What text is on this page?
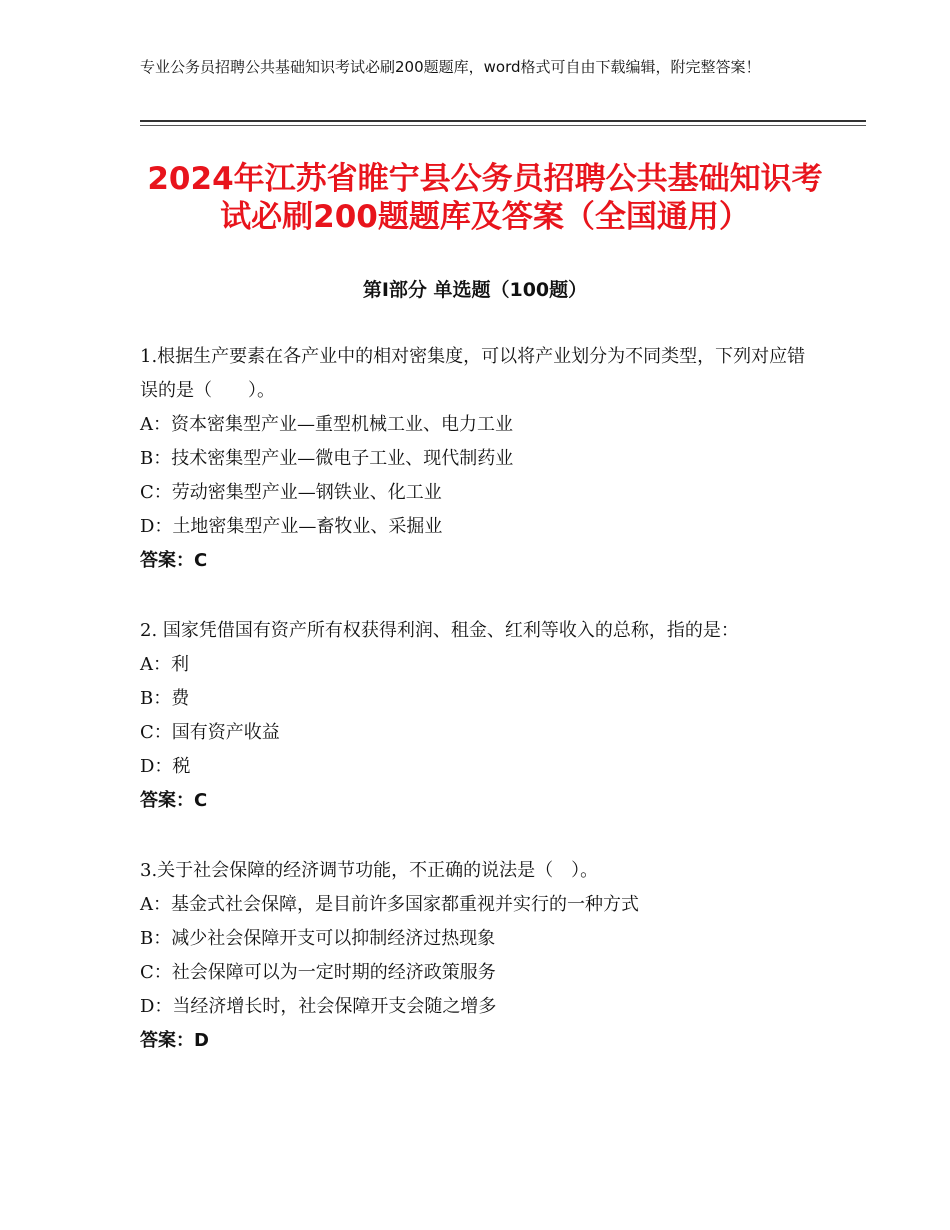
专业公务员招聘公共基础知识考试必刷200题题库，word格式可自由下载编辑，附完整答案！
2024年江苏省睢宁县公务员招聘公共基础知识考试必刷200题题库及答案（全国通用）
第Ⅰ部分 单选题（100题）
1.根据生产要素在各产业中的相对密集度，可以将产业划分为不同类型，下列对应错误的是（　　）。
A：资本密集型产业—重型机械工业、电力工业
B：技术密集型产业—微电子工业、现代制药业
C：劳动密集型产业—钢铁业、化工业
D：土地密集型产业—畜牧业、采掘业
答案：C
2. 国家凭借国有资产所有权获得利润、租金、红利等收入的总称，指的是：
A：利
B：费
C：国有资产收益
D：税
答案：C
3.关于社会保障的经济调节功能，不正确的说法是（　）。
A：基金式社会保障，是目前许多国家都重视并实行的一种方式
B：减少社会保障开支可以抑制经济过热现象
C：社会保障可以为一定时期的经济政策服务
D：当经济增长时，社会保障开支会随之增多
答案：D
